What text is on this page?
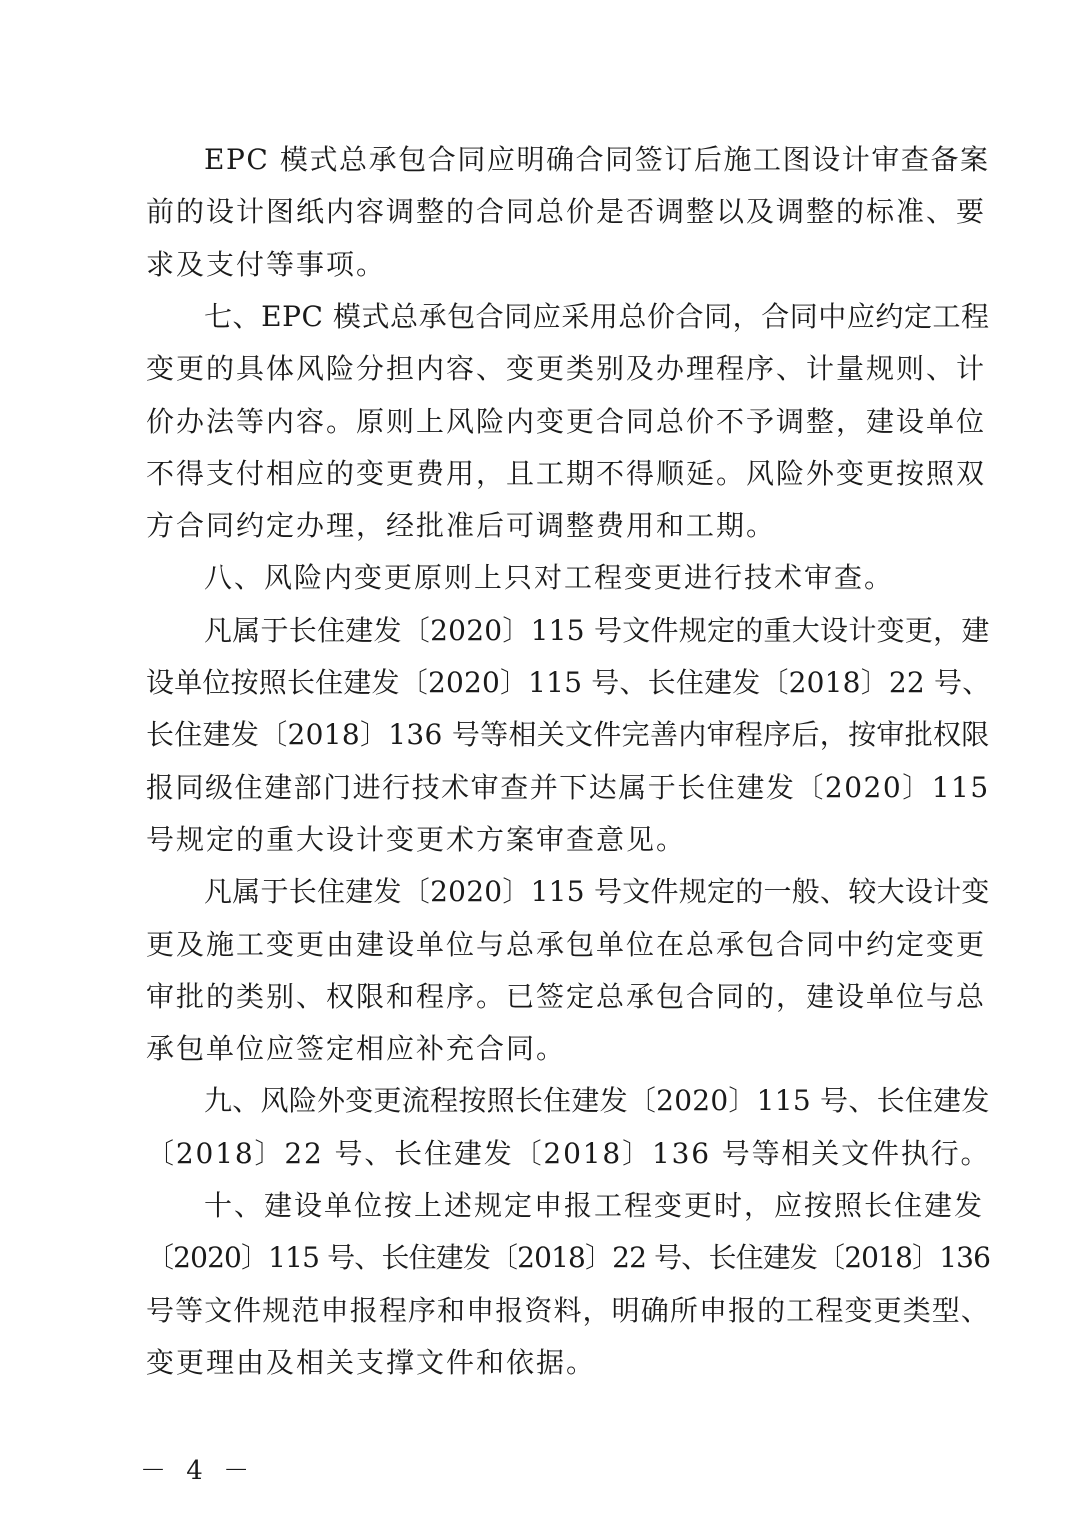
EPC 模式总承包合同应明确合同签订后施工图设计审查备案
前的设计图纸内容调整的合同总价是否调整以及调整的标准、要
求及支付等事项。
七、EPC 模式总承包合同应采用总价合同，合同中应约定工程
变更的具体风险分担内容、变更类别及办理程序、计量规则、计
价办法等内容。原则上风险内变更合同总价不予调整，建设单位
不得支付相应的变更费用，且工期不得顺延。风险外变更按照双
方合同约定办理，经批准后可调整费用和工期。
八、风险内变更原则上只对工程变更进行技术审查。
凡属于长住建发〔2020〕115 号文件规定的重大设计变更，建
设单位按照长住建发〔2020〕115 号、长住建发〔2018〕22 号、
长住建发〔2018〕136 号等相关文件完善内审程序后，按审批权限
报同级住建部门进行技术审查并下达属于长住建发〔2020〕115
号规定的重大设计变更术方案审查意见。
凡属于长住建发〔2020〕115 号文件规定的一般、较大设计变
更及施工变更由建设单位与总承包单位在总承包合同中约定变更
审批的类别、权限和程序。已签定总承包合同的，建设单位与总
承包单位应签定相应补充合同。
九、风险外变更流程按照长住建发〔2020〕115 号、长住建发
〔2018〕22 号、长住建发〔2018〕136 号等相关文件执行。
十、建设单位按上述规定申报工程变更时，应按照长住建发
〔2020〕115 号、长住建发〔2018〕22 号、长住建发〔2018〕136
号等文件规范申报程序和申报资料，明确所申报的工程变更类型、
变更理由及相关支撑文件和依据。
－ 4 －
